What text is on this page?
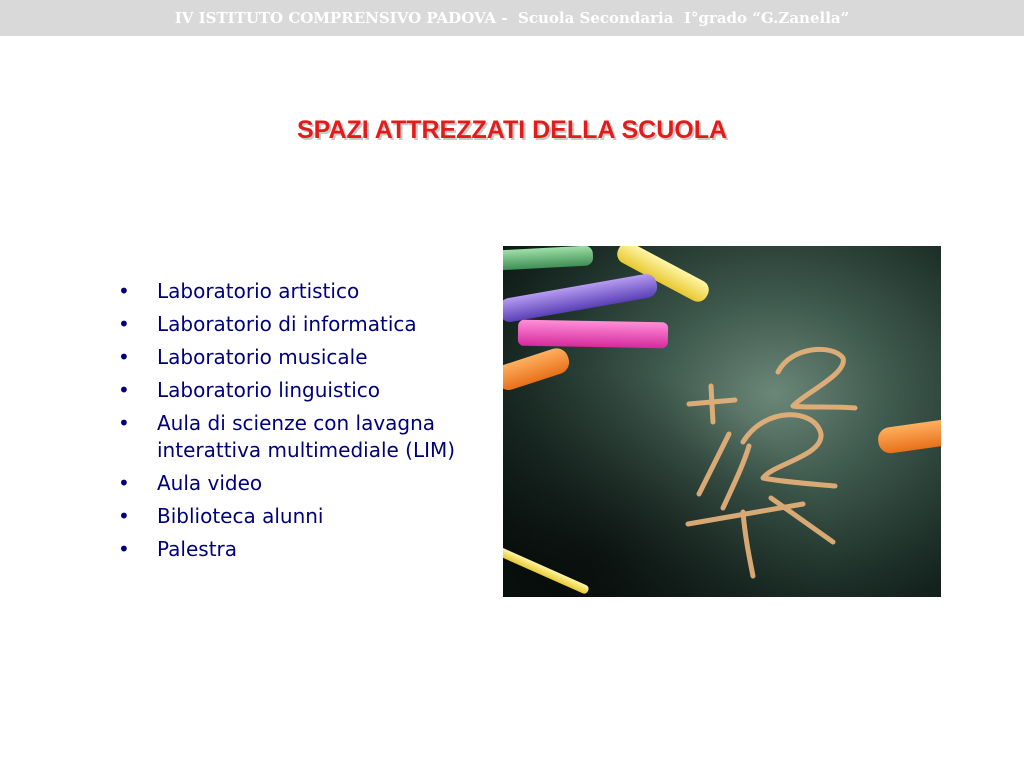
IV ISTITUTO COMPRENSIVO PADOVA -  Scuola Secondaria  I°grado “G.Zanella”
SPAZI ATTREZZATI DELLA SCUOLA
• Laboratorio artistico
• Laboratorio di informatica
• Laboratorio musicale
• Laboratorio linguistico
• Aula di scienze con lavagna interattiva multimediale (LIM)
• Aula video
• Biblioteca alunni
• Palestra
